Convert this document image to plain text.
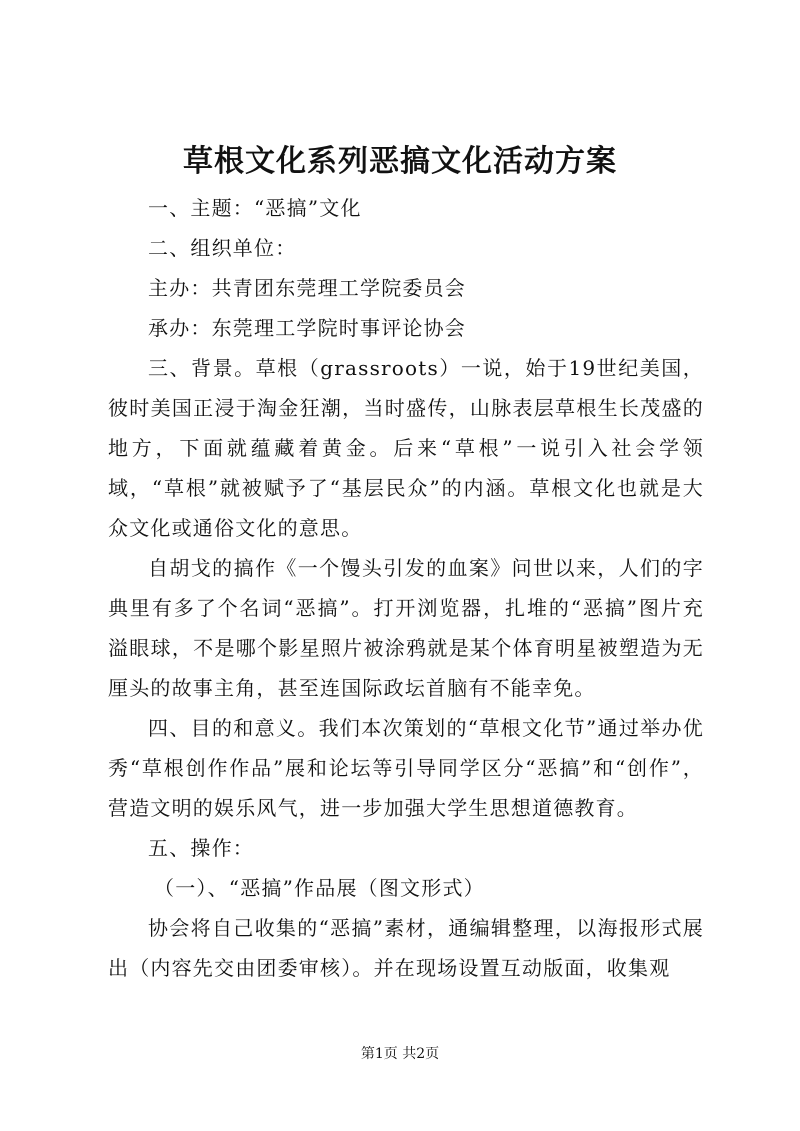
草根文化系列恶搞文化活动方案

一、主题：“恶搞”文化

二、组织单位：

主办：共青团东莞理工学院委员会

承办：东莞理工学院时事评论协会

三、背景。草根（grassroots）一说，始于19世纪美国，彼时美国正浸于淘金狂潮，当时盛传，山脉表层草根生长茂盛的地方，下面就蕴藏着黄金。后来“草根”一说引入社会学领域，“草根”就被赋予了“基层民众”的内涵。草根文化也就是大众文化或通俗文化的意思。

自胡戈的搞作《一个馒头引发的血案》问世以来，人们的字典里有多了个名词“恶搞”。打开浏览器，扎堆的“恶搞”图片充溢眼球，不是哪个影星照片被涂鸦就是某个体育明星被塑造为无厘头的故事主角，甚至连国际政坛首脑有不能幸免。

四、目的和意义。我们本次策划的“草根文化节”通过举办优秀“草根创作作品”展和论坛等引导同学区分“恶搞”和“创作”，营造文明的娱乐风气，进一步加强大学生思想道德教育。

五、操作：

（一）、“恶搞”作品展（图文形式）

协会将自己收集的“恶搞”素材，通编辑整理，以海报形式展出（内容先交由团委审核）。并在现场设置互动版面，收集观

第1页 共2页
